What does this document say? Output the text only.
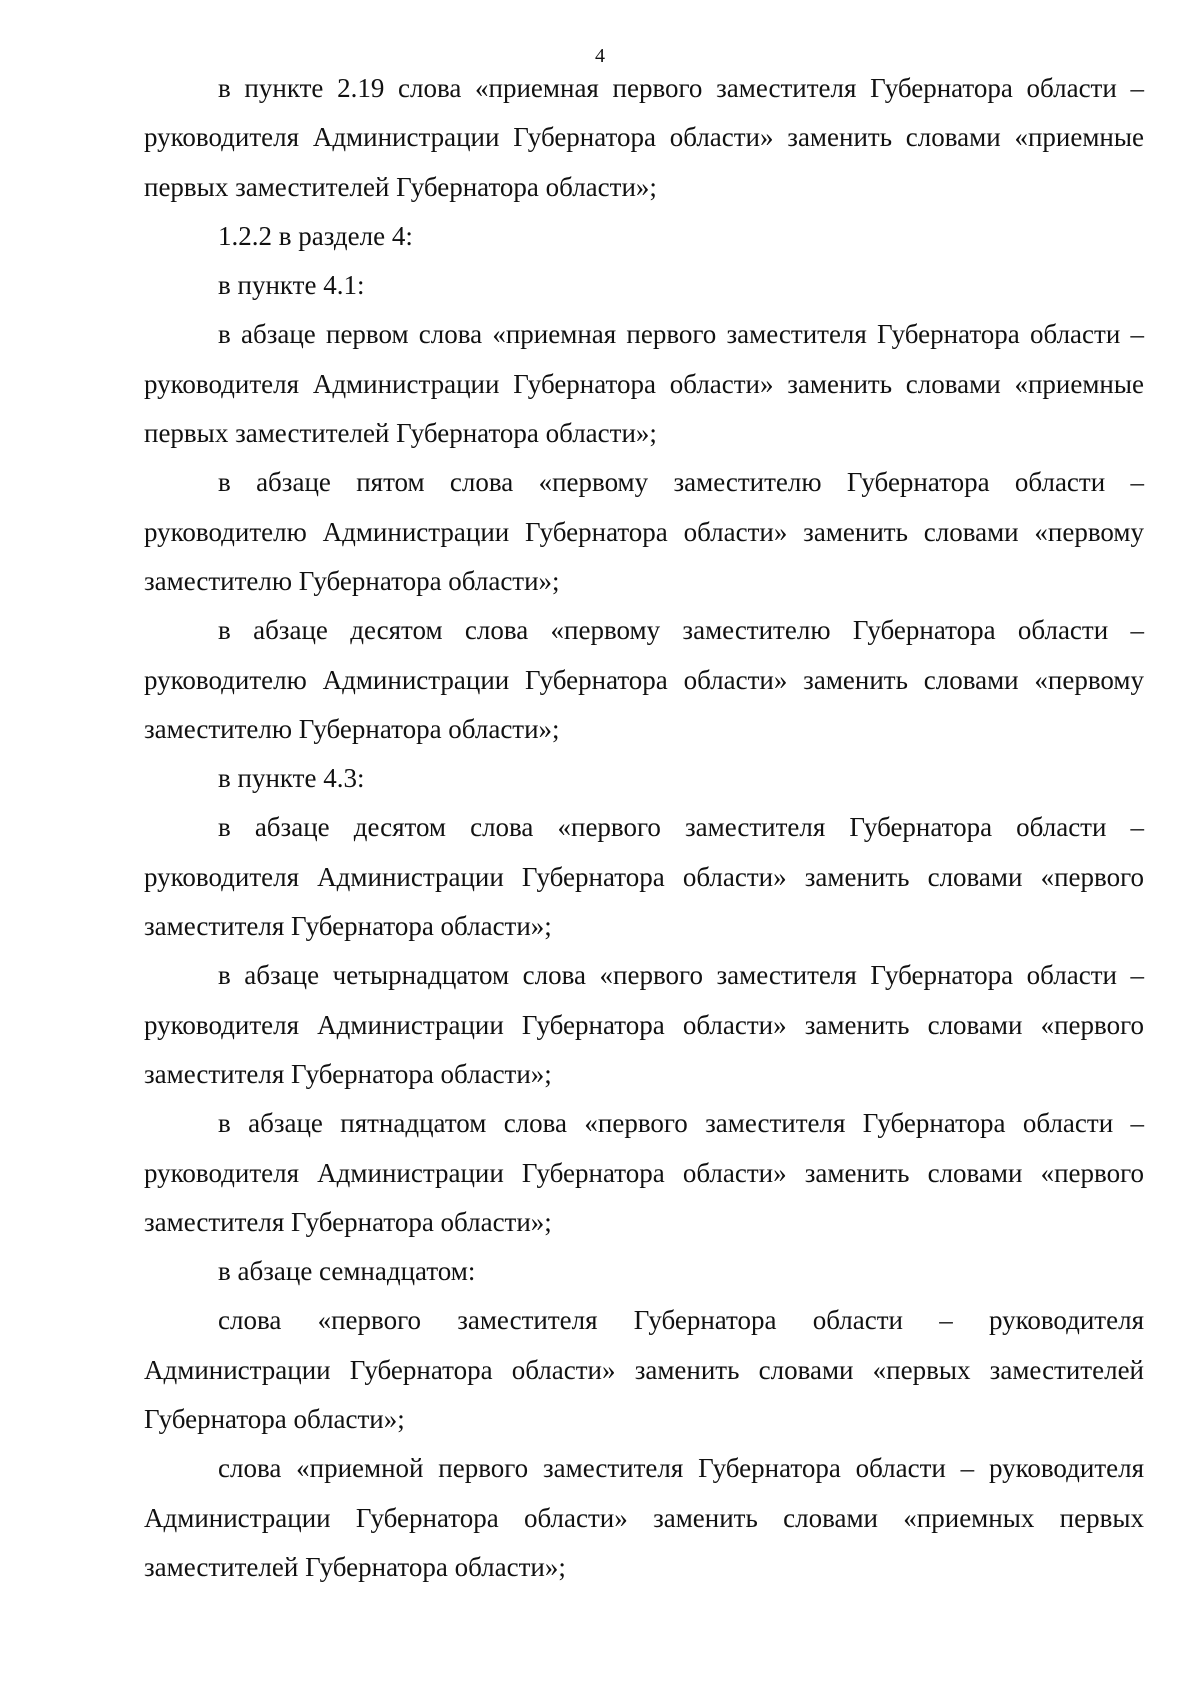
4

в пункте 2.19 слова «приемная первого заместителя Губернатора области – руководителя Администрации Губернатора области» заменить словами «приемные первых заместителей Губернатора области»;

1.2.2 в разделе 4:

в пункте 4.1:

в абзаце первом слова «приемная первого заместителя Губернатора области – руководителя Администрации Губернатора области» заменить словами «приемные первых заместителей Губернатора области»;

в абзаце пятом слова «первому заместителю Губернатора области – руководителю Администрации Губернатора области» заменить словами «первому заместителю Губернатора области»;

в абзаце десятом слова «первому заместителю Губернатора области – руководителю Администрации Губернатора области» заменить словами «первому заместителю Губернатора области»;

в пункте 4.3:

в абзаце десятом слова «первого заместителя Губернатора области – руководителя Администрации Губернатора области» заменить словами «первого заместителя Губернатора области»;

в абзаце четырнадцатом слова «первого заместителя Губернатора области – руководителя Администрации Губернатора области» заменить словами «первого заместителя Губернатора области»;

в абзаце пятнадцатом слова «первого заместителя Губернатора области – руководителя Администрации Губернатора области» заменить словами «первого заместителя Губернатора области»;

в абзаце семнадцатом:

слова «первого заместителя Губернатора области – руководителя Администрации Губернатора области» заменить словами «первых заместителей Губернатора области»;

слова «приемной первого заместителя Губернатора области – руководителя Администрации Губернатора области» заменить словами «приемных первых заместителей Губернатора области»;
